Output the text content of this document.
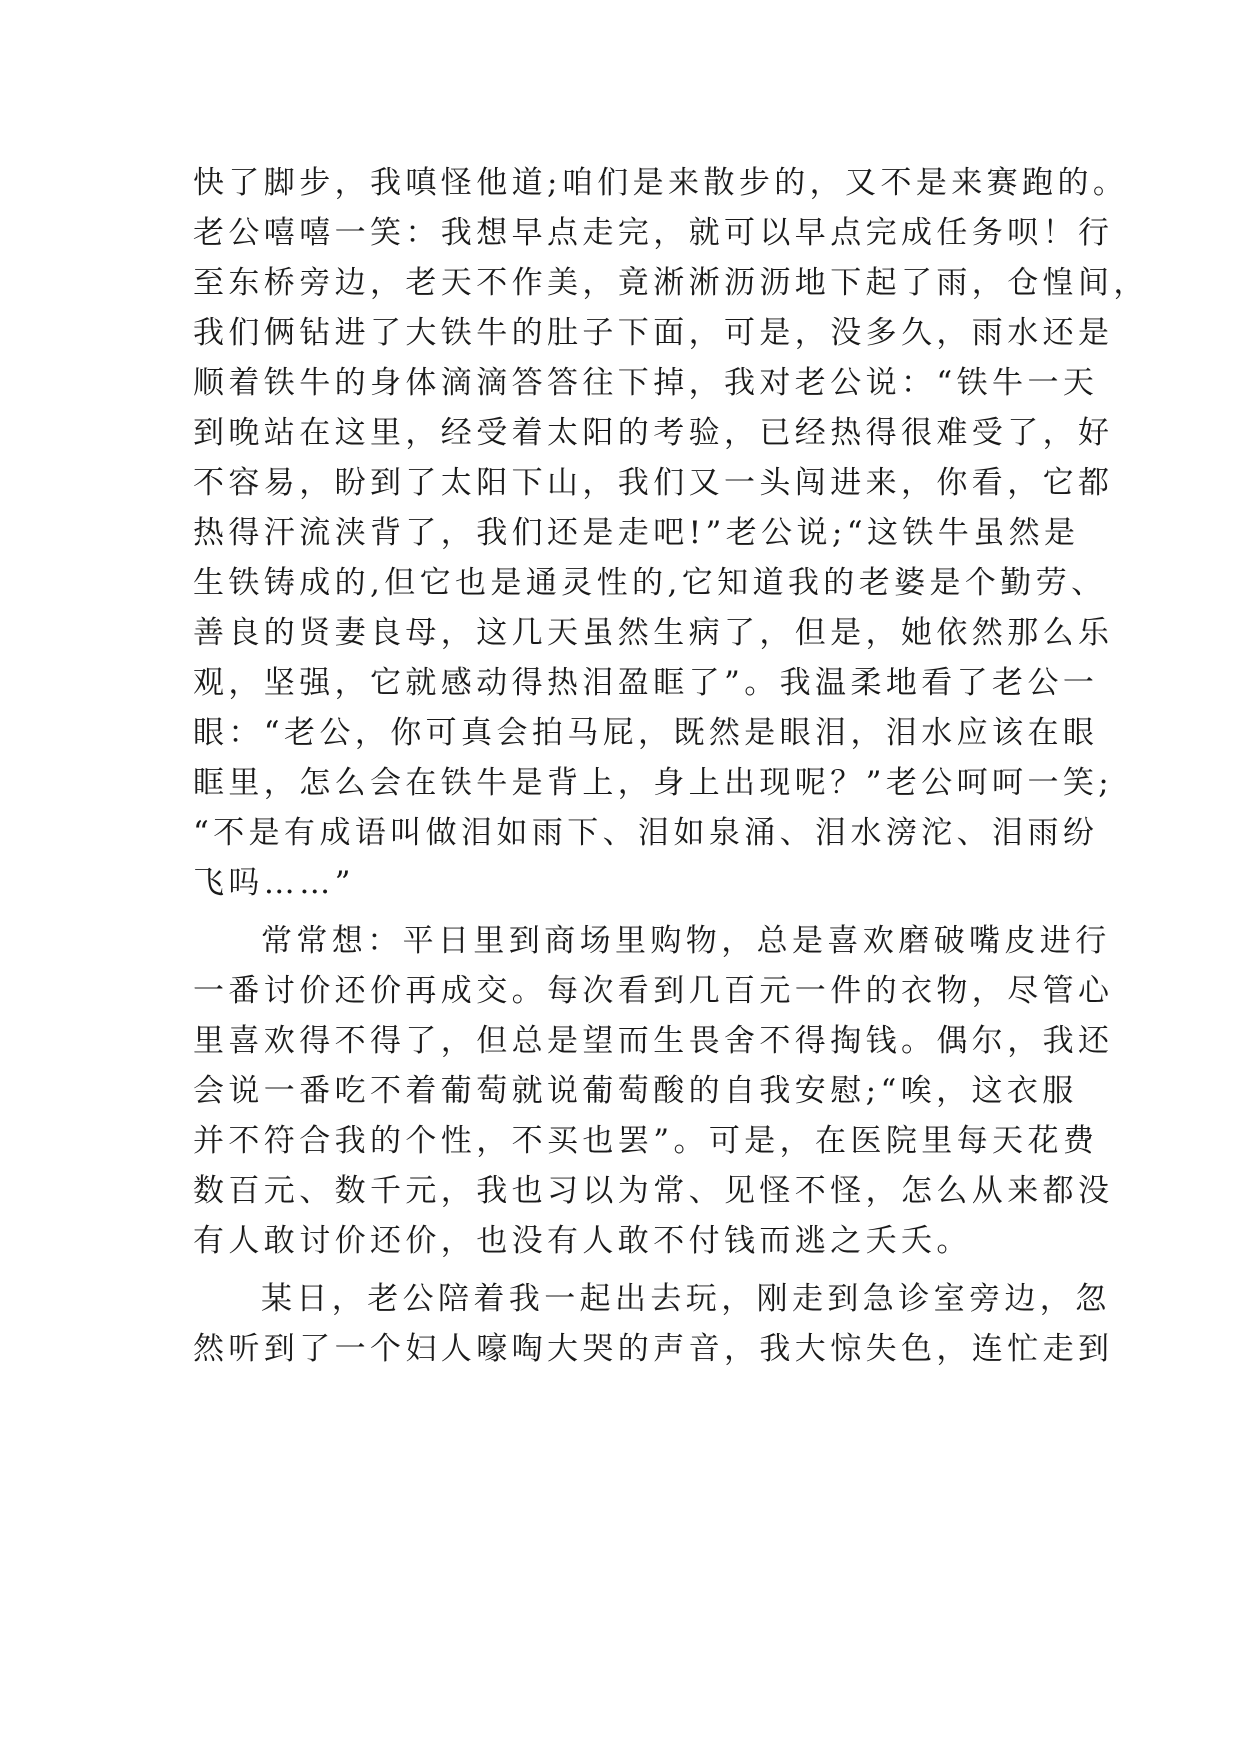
快了脚步，我嗔怪他道;咱们是来散步的，又不是来赛跑的。
老公嘻嘻一笑：我想早点走完，就可以早点完成任务呗！行
至东桥旁边，老天不作美，竟淅淅沥沥地下起了雨，仓惶间，
我们俩钻进了大铁牛的肚子下面，可是，没多久，雨水还是
顺着铁牛的身体滴滴答答往下掉，我对老公说：“铁牛一天
到晚站在这里，经受着太阳的考验，已经热得很难受了，好
不容易，盼到了太阳下山，我们又一头闯进来，你看，它都
热得汗流浃背了，我们还是走吧!”老公说;“这铁牛虽然是
生铁铸成的,但它也是通灵性的,它知道我的老婆是个勤劳、
善良的贤妻良母，这几天虽然生病了，但是，她依然那么乐
观，坚强，它就感动得热泪盈眶了”。我温柔地看了老公一
眼：“老公，你可真会拍马屁，既然是眼泪，泪水应该在眼
眶里，怎么会在铁牛是背上，身上出现呢？”老公呵呵一笑;
“不是有成语叫做泪如雨下、泪如泉涌、泪水滂沱、泪雨纷
飞吗……”
常常想：平日里到商场里购物，总是喜欢磨破嘴皮进行
一番讨价还价再成交。每次看到几百元一件的衣物，尽管心
里喜欢得不得了，但总是望而生畏舍不得掏钱。偶尔，我还
会说一番吃不着葡萄就说葡萄酸的自我安慰;“唉，这衣服
并不符合我的个性，不买也罢”。可是，在医院里每天花费
数百元、数千元，我也习以为常、见怪不怪，怎么从来都没
有人敢讨价还价，也没有人敢不付钱而逃之夭夭。
某日，老公陪着我一起出去玩，刚走到急诊室旁边，忽
然听到了一个妇人嚎啕大哭的声音，我大惊失色，连忙走到
